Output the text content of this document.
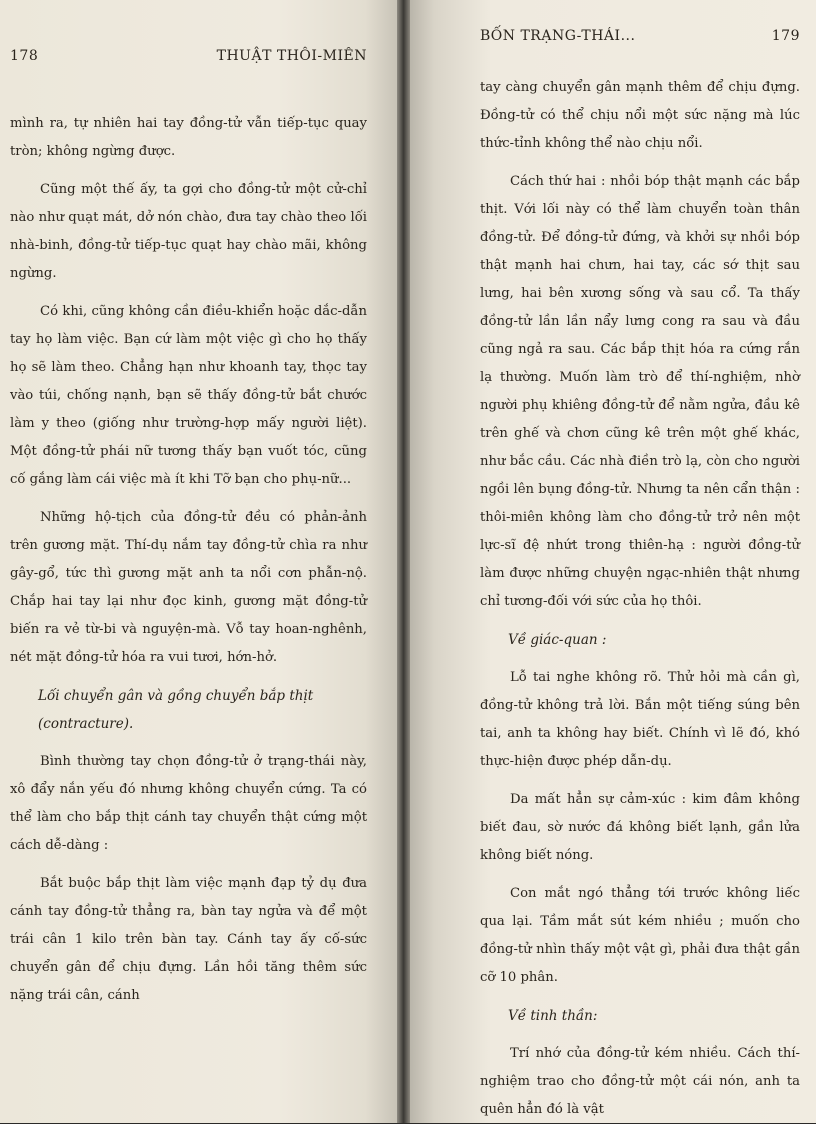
178	THUẬT THÔI-MIÊN

mình ra, tự nhiên hai tay đồng-tử vẫn tiếp-tục quay tròn; không ngừng được.

Cũng một thế ấy, ta gợi cho đồng-tử một cử-chỉ nào như quạt mát, dở nón chào, đưa tay chào theo lối nhà-binh, đồng-tử tiếp-tục quạt hay chào mãi, không ngừng.

Có khi, cũng không cần điều-khiển hoặc dắc-dẫn tay họ làm việc. Bạn cứ làm một việc gì cho họ thấy họ sẽ làm theo. Chẳng hạn như khoanh tay, thọc tay vào túi, chống nạnh, bạn sẽ thấy đồng-tử bắt chước làm y theo (giống như trường-hợp mấy người liệt). Một đồng-tử phái nữ tương thấy bạn vuốt tóc, cũng cố gắng làm cái việc mà ít khi Tỡ bạn cho phụ-nữ...

Những hộ-tịch của đồng-tử đều có phản-ảnh trên gương mặt. Thí-dụ nắm tay đồng-tử chìa ra như gây-gổ, tức thì gương mặt anh ta nổi cơn phẫn-nộ. Chắp hai tay lại như đọc kinh, gương mặt đồng-tử biến ra vẻ từ-bi và nguyện-mà. Vỗ tay hoan-nghênh, nét mặt đồng-tử hóa ra vui tươi, hớn-hở.

Lối chuyển gân và gồng chuyển bắp thịt (contracture).

Bình thường tay chọn đồng-tử ở trạng-thái này, xô đẩy nắn yếu đó nhưng không chuyển cứng. Ta có thể làm cho bắp thịt cánh tay chuyển thật cứng một cách dễ-dàng :

Bắt buộc bắp thịt làm việc mạnh đạp tỷ dụ đưa cánh tay đồng-tử thẳng ra, bàn tay ngửa và để một trái cân 1 kilo trên bàn tay. Cánh tay ấy cố-sức chuyển gân để chịu đựng. Lần hồi tăng thêm sức nặng trái cân, cánh

BỐN TRẠNG-THÁI...	179

tay càng chuyển gân mạnh thêm để chịu đựng. Đồng-tử có thể chịu nổi một sức nặng mà lúc thức-tỉnh không thể nào chịu nổi.

Cách thứ hai : nhồi bóp thật mạnh các bắp thịt. Với lối này có thể làm chuyển toàn thân đồng-tử. Để đồng-tử đứng, và khởi sự nhồi bóp thật mạnh hai chưn, hai tay, các sớ thịt sau lưng, hai bên xương sống và sau cổ. Ta thấy đồng-tử lần lần nẩy lưng cong ra sau và đầu cũng ngả ra sau. Các bắp thịt hóa ra cứng rắn lạ thường. Muốn làm trò để thí-nghiệm, nhờ người phụ khiêng đồng-tử để nằm ngửa, đầu kê trên ghế và chơn cũng kê trên một ghế khác, như bắc cầu. Các nhà điền trò lạ, còn cho người ngồi lên bụng đồng-tử. Nhưng ta nên cẩn thận : thôi-miên không làm cho đồng-tử trở nên một lực-sĩ đệ nhứt trong thiên-hạ : người đồng-tử làm được những chuyện ngạc-nhiên thật nhưng chỉ tương-đối với sức của họ thôi.

Về giác-quan :

Lỗ tai nghe không rõ. Thử hỏi mà cần gì, đồng-tử không trả lời. Bắn một tiếng súng bên tai, anh ta không hay biết. Chính vì lẽ đó, khó thực-hiện được phép dẫn-dụ.

Da mất hẳn sự cảm-xúc : kim đâm không biết đau, sờ nước đá không biết lạnh, gần lửa không biết nóng.

Con mắt ngó thẳng tới trước không liếc qua lại. Tầm mắt sút kém nhiều ; muốn cho đồng-tử nhìn thấy một vật gì, phải đưa thật gần cỡ 10 phân.

Về tinh thần:

Trí nhớ của đồng-tử kém nhiều. Cách thí-nghiệm trao cho đồng-tử một cái nón, anh ta quên hẳn đó là vật
